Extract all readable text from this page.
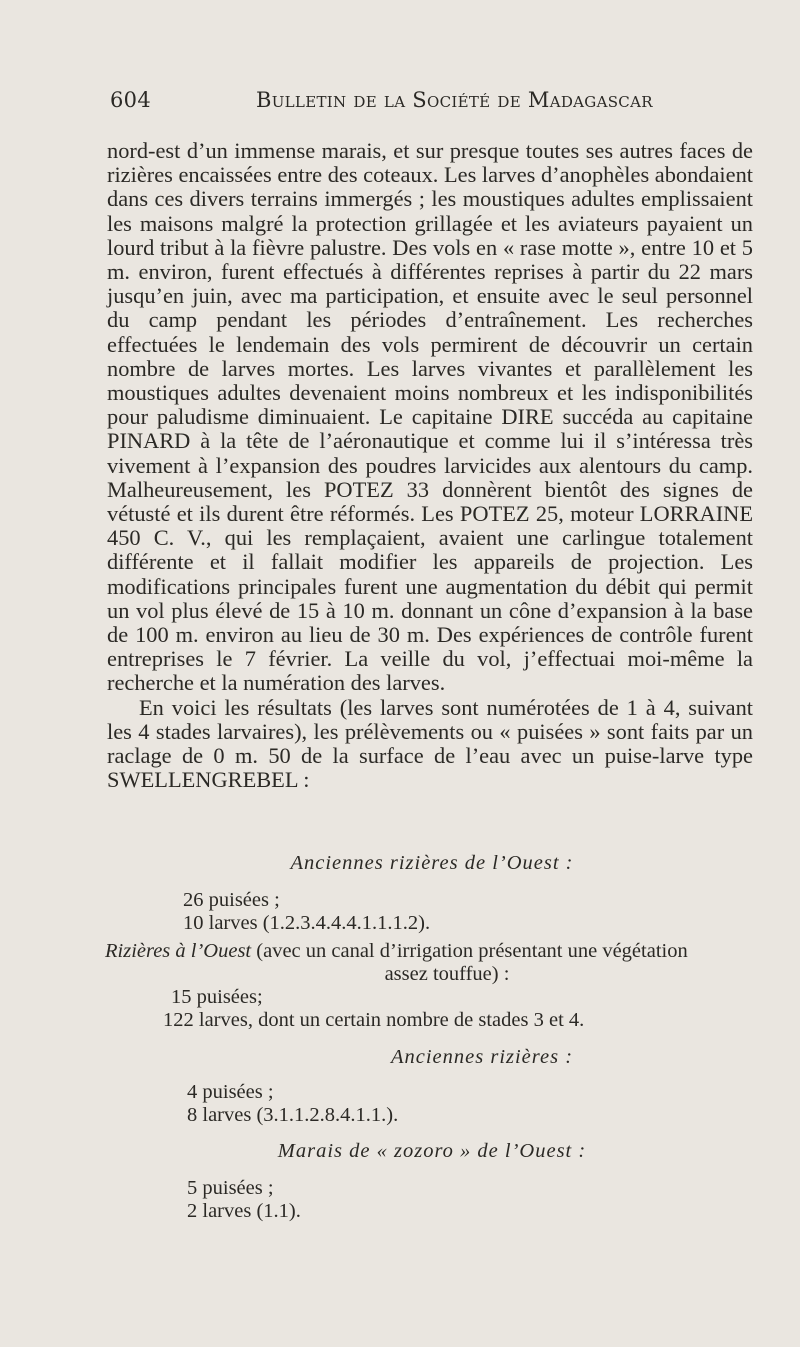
604	Bulletin de la Société de Madagascar

nord-est d’un immense marais, et sur presque toutes ses autres faces de rizières encaissées entre des coteaux. Les larves d’anophèles abondaient dans ces divers terrains immergés ; les moustiques adultes emplissaient les maisons malgré la protection grillagée et les aviateurs payaient un lourd tribut à la fièvre palustre. Des vols en « rase motte », entre 10 et 5 m. environ, furent effectués à différentes reprises à partir du 22 mars jusqu’en juin, avec ma participation, et ensuite avec le seul personnel du camp pendant les périodes d’entraînement. Les recherches effectuées le lendemain des vols permirent de découvrir un certain nombre de larves mortes. Les larves vivantes et parallèlement les moustiques adultes devenaient moins nombreux et les indisponibilités pour paludisme diminuaient. Le capitaine DIRE succéda au capitaine PINARD à la tête de l’aéronautique et comme lui il s’intéressa très vivement à l’expansion des poudres larvicides aux alentours du camp. Malheureusement, les POTEZ 33 donnèrent bientôt des signes de vétusté et ils durent être réformés. Les POTEZ 25, moteur LORRAINE 450 C. V., qui les remplaçaient, avaient une carlingue totalement différente et il fallait modifier les appareils de projection. Les modifications principales furent une augmentation du débit qui permit un vol plus élevé de 15 à 10 m. donnant un cône d’expansion à la base de 100 m. environ au lieu de 30 m. Des expériences de contrôle furent entreprises le 7 février. La veille du vol, j’effectuai moi-même la recherche et la numération des larves.

En voici les résultats (les larves sont numérotées de 1 à 4, suivant les 4 stades larvaires), les prélèvements ou « puisées » sont faits par un raclage de 0 m. 50 de la surface de l’eau avec un puise-larve type SWELLENGREBEL :

Anciennes rizières de l’Ouest :
26 puisées ;
10 larves (1.2.3.4.4.4.1.1.1.2).
Rizières à l’Ouest (avec un canal d’irrigation présentant une végétation
assez touffue) :
15 puisées;
122 larves, dont un certain nombre de stades 3 et 4.
Anciennes rizières :
4 puisées ;
8 larves (3.1.1.2.8.4.1.1.).
Marais de « zozoro » de l’Ouest :
5 puisées ;
2 larves (1.1).
